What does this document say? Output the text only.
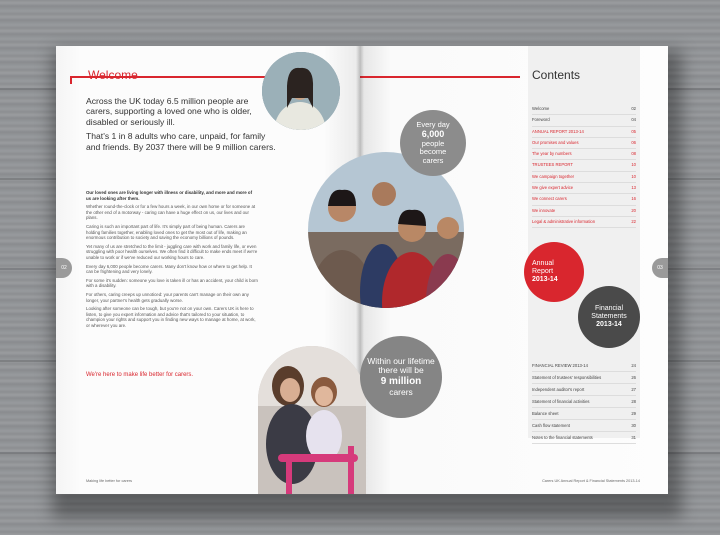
Welcome

Across the UK today 6.5 million people are carers, supporting a loved one who is older, disabled or seriously ill.

That's 1 in 8 adults who care, unpaid, for family and friends. By 2037 there will be 9 million carers.

Our loved ones are living longer with illness or disability, and more and more of us are looking after them.

Whether round-the-clock or for a few hours a week, in our own home or for someone at the other end of a motorway - caring can have a huge effect on us, our lives and our plans.

Caring is such an important part of life. It's simply part of being human. Carers are holding families together, enabling loved ones to get the most out of life, making an enormous contribution to society and saving the economy billions of pounds.

Yet many of us are stretched to the limit - juggling care with work and family life, or even struggling with poor health ourselves. We often find it difficult to make ends meet if we're unable to work or if we've reduced our working hours to care.

Every day 6,000 people become carers. Many don't know how or where to get help. It can be frightening and very lonely.

For some it's sudden: someone you love is taken ill or has an accident, your child is born with a disability.

For others, caring creeps up unnoticed: your parents can't manage on their own any longer, your partner's health gets gradually worse.

Looking after someone can be tough, but you're not on your own. Carers UK is here to listen, to give you expert information and advice that's tailored to your situation, to champion your rights and support you in finding new ways to manage at home, at work, or wherever you are.

We're here to make life better for carers.
Making life better for carers
02
Contents
Welcome	02
Foreword	04
ANNUAL REPORT 2013-14	05
Our promises and values	06
The year by numbers	08
TRUSTEES REPORT	10
We campaign together	10
We give expert advice	13
We connect carers	16
We innovate	20
Legal & administrative information	22
Annual
Report
2013-14
Financial
Statements
2013-14
FINANCIAL REVIEW 2013-14	24
Statement of trustees' responsibilities	26
Independent auditor's report	27
Statement of financial activities	28
Balance sheet	29
Cash flow statement	30
Notes to the financial statements	31
Carers UK Annual Report & Financial Statements 2013-14
03
Every day
6,000
people become carers
Within our lifetime there will be
9 million
carers
